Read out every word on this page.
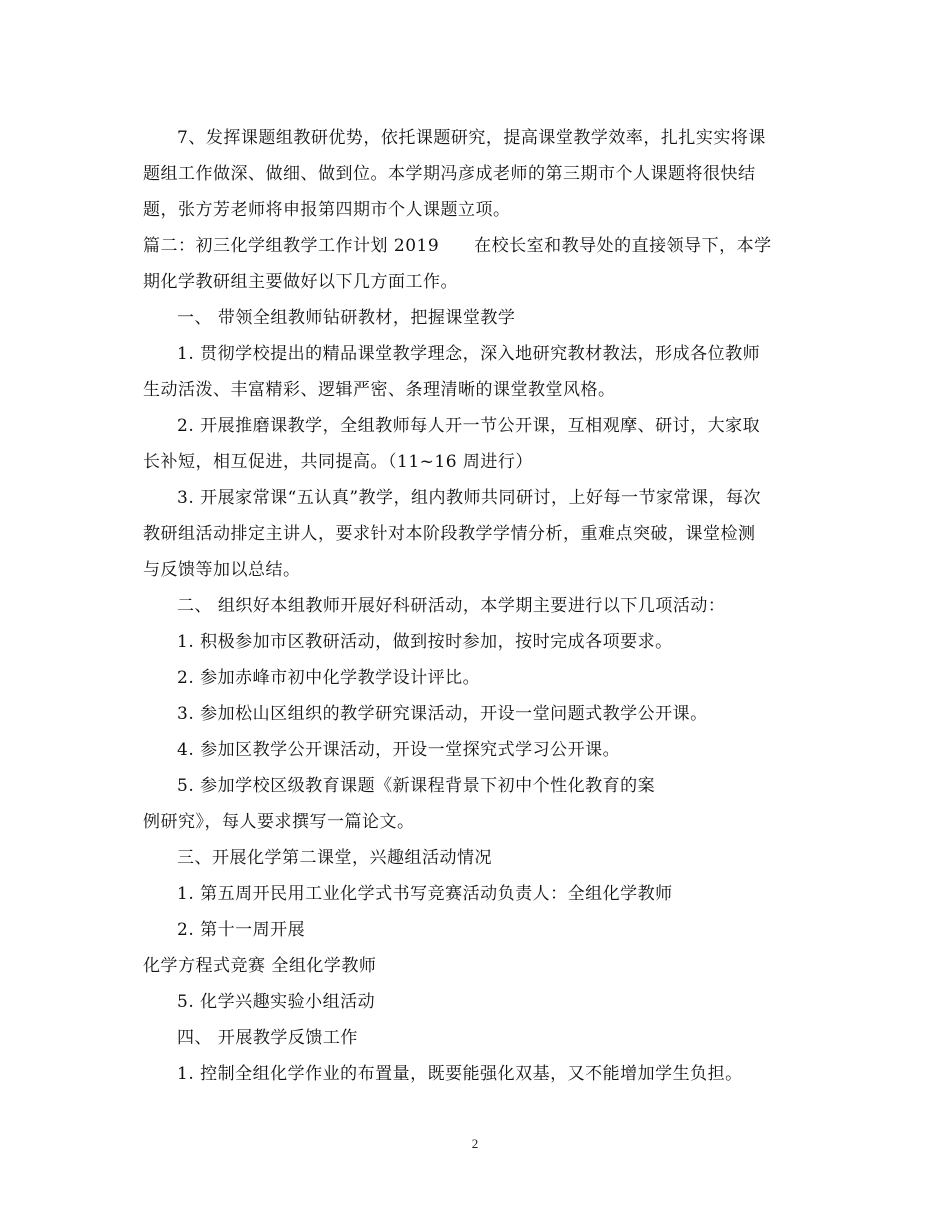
7、发挥课题组教研优势，依托课题研究，提高课堂教学效率，扎扎实实将课

题组工作做深、做细、做到位。本学期冯彦成老师的第三期市个人课题将很快结

题，张方芳老师将申报第四期市个人课题立项。

篇二：初三化学组教学工作计划 2019　　在校长室和教导处的直接领导下，本学

期化学教研组主要做好以下几方面工作。

一、 带领全组教师钻研教材，把握课堂教学

1. 贯彻学校提出的精品课堂教学理念，深入地研究教材教法，形成各位教师

生动活泼、丰富精彩、逻辑严密、条理清晰的课堂教堂风格。

2. 开展推磨课教学，全组教师每人开一节公开课，互相观摩、研讨，大家取

长补短，相互促进，共同提高。（11~16 周进行）

3. 开展家常课“五认真”教学，组内教师共同研讨，上好每一节家常课，每次

教研组活动排定主讲人，要求针对本阶段教学学情分析，重难点突破，课堂检测

与反馈等加以总结。

二、 组织好本组教师开展好科研活动，本学期主要进行以下几项活动：

1. 积极参加市区教研活动，做到按时参加，按时完成各项要求。

2. 参加赤峰市初中化学教学设计评比。

3. 参加松山区组织的教学研究课活动，开设一堂问题式教学公开课。

4. 参加区教学公开课活动，开设一堂探究式学习公开课。

5. 参加学校区级教育课题《新课程背景下初中个性化教育的案

例研究》，每人要求撰写一篇论文。

三、开展化学第二课堂，兴趣组活动情况

1. 第五周开民用工业化学式书写竞赛活动负责人：全组化学教师

2. 第十一周开展

化学方程式竞赛 全组化学教师

5. 化学兴趣实验小组活动

四、 开展教学反馈工作

1. 控制全组化学作业的布置量，既要能强化双基，又不能增加学生负担。

2
